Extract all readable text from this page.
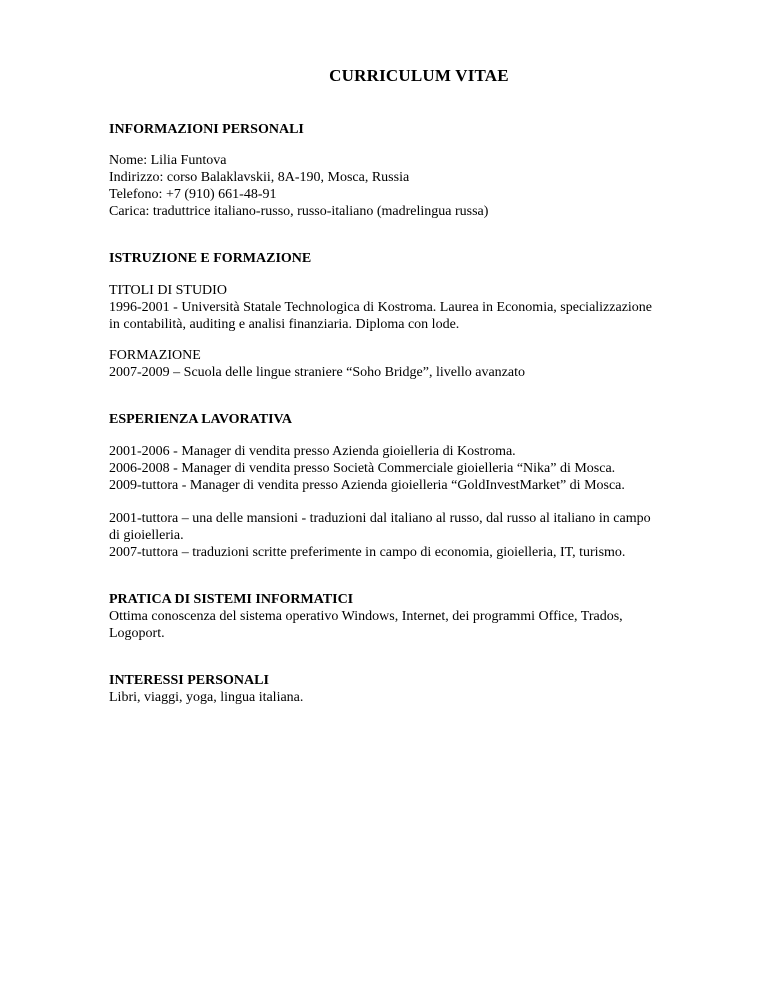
CURRICULUM VITAE
INFORMAZIONI PERSONALI
Nome: Lilia Funtova
Indirizzo: corso Balaklavskii, 8A-190, Mosca, Russia
Telefono: +7 (910) 661-48-91
Carica: traduttrice italiano-russo, russo-italiano (madrelingua russa)
ISTRUZIONE E FORMAZIONE
TITOLI DI STUDIO
1996-2001 - Università Statale Technologica di Kostroma. Laurea in Economia, specializzazione
in contabilità, auditing e analisi finanziaria. Diploma con lode.
FORMAZIONE
2007-2009 – Scuola delle lingue straniere “Soho Bridge”, livello avanzato
ESPERIENZA LAVORATIVA
2001-2006 - Manager di vendita presso Azienda gioielleria di Kostroma.
2006-2008 - Manager di vendita presso Società Commerciale gioielleria “Nika” di Mosca.
2009-tuttora - Manager di vendita presso Azienda gioielleria “GoldInvestMarket” di Mosca.
2001-tuttora – una delle mansioni - traduzioni dal italiano al russo, dal russo al italiano in campo
di gioielleria.
2007-tuttora – traduzioni scritte preferimente in campo di economia, gioielleria, IT, turismo.
PRATICA DI SISTEMI INFORMATICI
Ottima conoscenza del sistema operativo Windows, Internet, dei programmi Office, Trados,
Logoport.
INTERESSI PERSONALI
Libri, viaggi, yoga, lingua italiana.
